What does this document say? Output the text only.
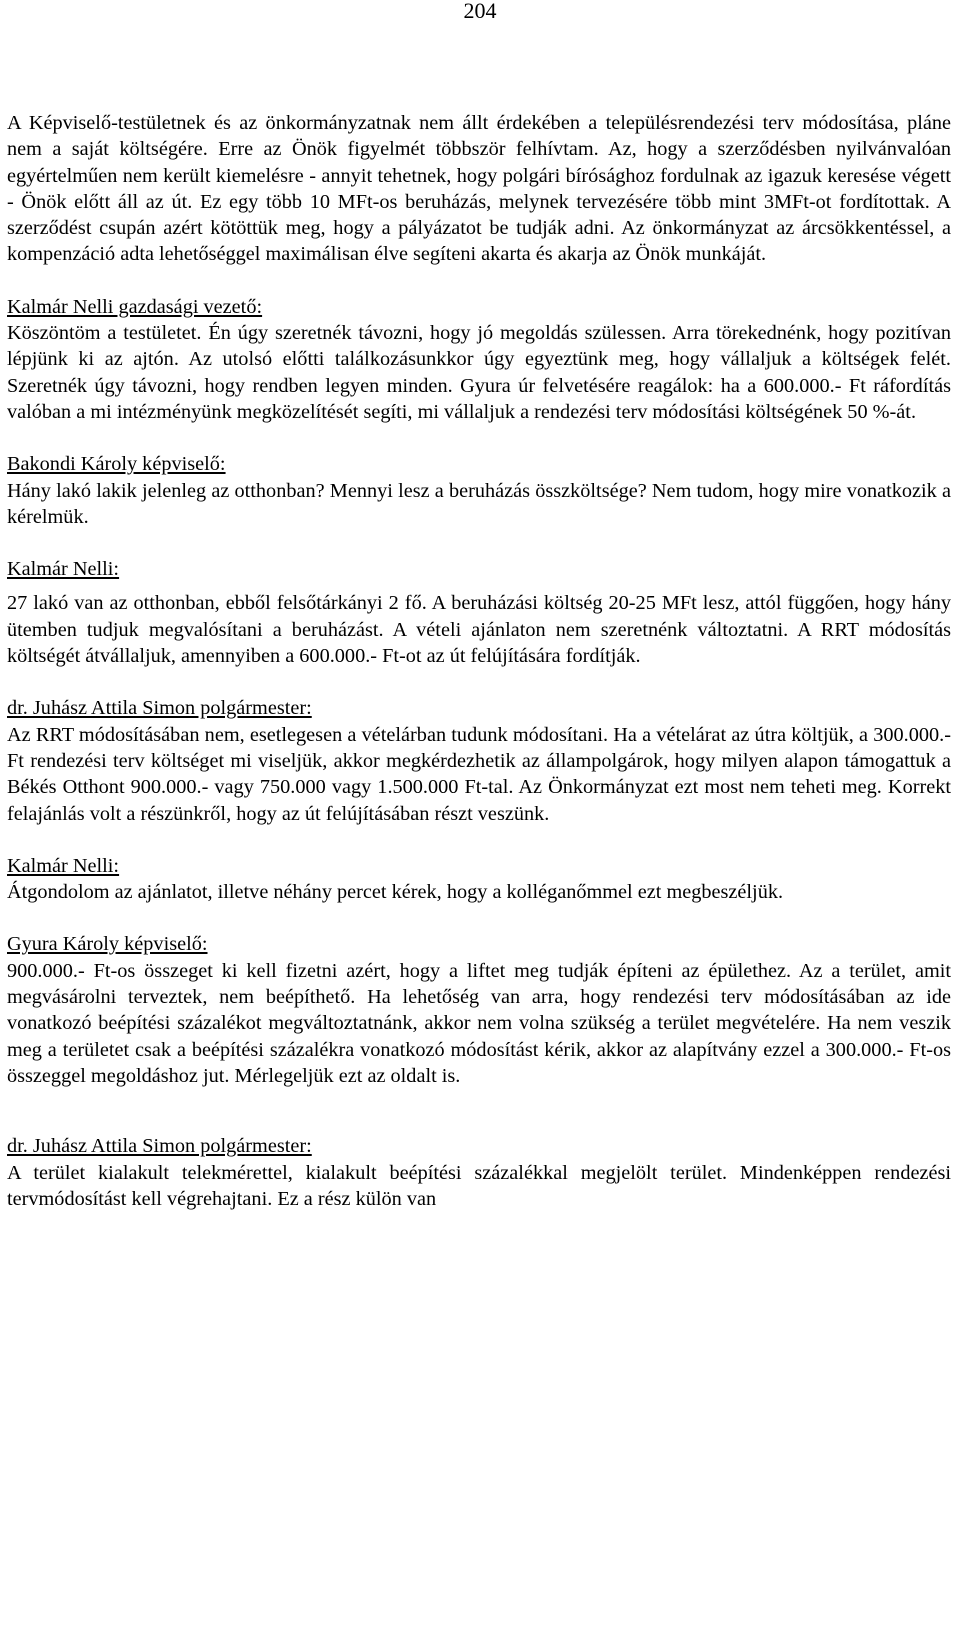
204

A Képviselő-testületnek és az önkormányzatnak nem állt érdekében a településrendezési terv módosítása, pláne nem a saját költségére. Erre az Önök figyelmét többször felhívtam. Az, hogy a szerződésben nyilvánvalóan egyértelműen nem került kiemelésre - annyit tehetnek, hogy polgári bírósághoz fordulnak az igazuk keresése végett - Önök előtt áll az út. Ez egy több 10 MFt-os beruházás, melynek tervezésére több mint 3MFt-ot fordítottak. A szerződést csupán azért kötöttük meg, hogy a pályázatot be tudják adni. Az önkormányzat az árcsökkentéssel, a kompenzáció adta lehetőséggel maximálisan élve segíteni akarta és akarja az Önök munkáját.

Kalmár Nelli gazdasági vezető:

Köszöntöm a testületet. Én úgy szeretnék távozni, hogy jó megoldás szülessen. Arra törekednénk, hogy pozitívan lépjünk ki az ajtón. Az utolsó előtti találkozásunkkor úgy egyeztünk meg, hogy vállaljuk a költségek felét. Szeretnék úgy távozni, hogy rendben legyen minden. Gyura úr felvetésére reagálok: ha a 600.000.- Ft ráfordítás valóban a mi intézményünk megközelítését segíti, mi vállaljuk a rendezési terv módosítási költségének 50 %-át.

Bakondi Károly képviselő:

Hány lakó lakik jelenleg az otthonban? Mennyi lesz a beruházás összköltsége? Nem tudom, hogy mire vonatkozik a kérelmük.

Kalmár Nelli:

27 lakó van az otthonban, ebből felsőtárkányi 2 fő. A beruházási költség 20-25 MFt lesz, attól függően, hogy hány ütemben tudjuk megvalósítani a beruházást. A vételi ajánlaton nem szeretnénk változtatni. A RRT módosítás költségét átvállaljuk, amennyiben a 600.000.- Ft-ot az út felújítására fordítják.

dr. Juhász Attila Simon polgármester:

Az RRT módosításában nem, esetlegesen a vételárban tudunk módosítani. Ha a vételárat az útra költjük, a 300.000.- Ft rendezési terv költséget mi viseljük, akkor megkérdezhetik az állampolgárok, hogy milyen alapon támogattuk a Békés Otthont 900.000.- vagy 750.000 vagy 1.500.000 Ft-tal. Az Önkormányzat ezt most nem teheti meg. Korrekt felajánlás volt a részünkről, hogy az út felújításában részt veszünk.

Kalmár Nelli:

Átgondolom az ajánlatot, illetve néhány percet kérek, hogy a kolléganőmmel ezt megbeszéljük.

Gyura Károly képviselő:

900.000.- Ft-os összeget ki kell fizetni azért, hogy a liftet meg tudják építeni az épülethez. Az a terület, amit megvásárolni terveztek, nem beépíthető. Ha lehetőség van arra, hogy rendezési terv módosításában az ide vonatkozó beépítési százalékot megváltoztatnánk, akkor nem volna szükség a terület megvételére. Ha nem veszik meg a területet csak a beépítési százalékra vonatkozó módosítást kérik, akkor az alapítvány ezzel a 300.000.- Ft-os összeggel megoldáshoz jut. Mérlegeljük ezt az oldalt is.

dr. Juhász Attila Simon polgármester:

A terület kialakult telekmérettel, kialakult beépítési százalékkal megjelölt terület. Mindenképpen rendezési tervmódosítást kell végrehajtani. Ez a rész külön van
